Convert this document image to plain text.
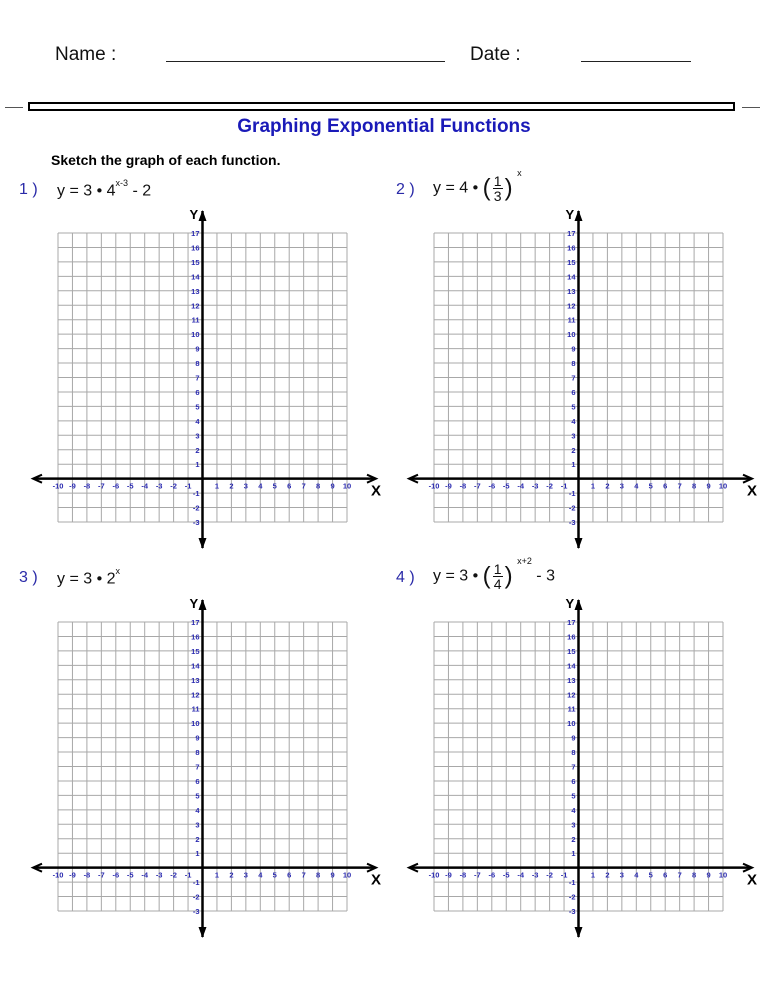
Name :	Date :
Graphing Exponential Functions
Sketch the graph of each function.
1 ) y = 3 • 4$^{x-3}$ - 2	2 ) y = 4 • ( $\frac{1}{3}$ ) $^x$
3 ) y = 3 • 2$^x$	4 ) y = 3 • ( $\frac{1}{4}$ ) $^{x+2}$ - 3
X
Y
-10 -9 -8 -7 -6 -5 -4 -3 -2 -1	1 2 3 4 5 6 7 8 9 10
-3
-2
-1
1
2
3
4
5
6
7
8
9
10
11
12
13
14
15
16
17
X
Y
-10 -9 -8 -7 -6 -5 -4 -3 -2 -1	1 2 3 4 5 6 7 8 9 10
-3
-2
-1
1
2
3
4
5
6
7
8
9
10
11
12
13
14
15
16
17
X
Y
-10 -9 -8 -7 -6 -5 -4 -3 -2 -1	1 2 3 4 5 6 7 8 9 10
-3
-2
-1
1
2
3
4
5
6
7
8
9
10
11
12
13
14
15
16
17
X
Y
-10 -9 -8 -7 -6 -5 -4 -3 -2 -1	1 2 3 4 5 6 7 8 9 10
-3
-2
-1
1
2
3
4
5
6
7
8
9
10
11
12
13
14
15
16
17
